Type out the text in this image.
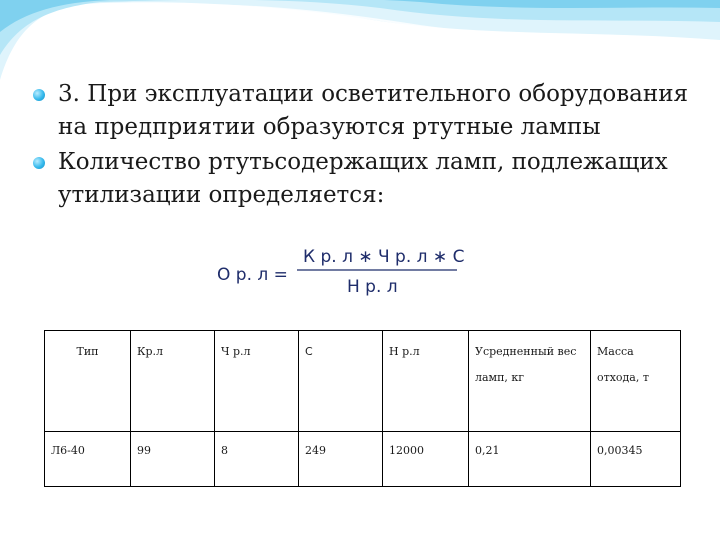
3. При эксплуатации осветительного оборудования на предприятии образуются ртутные лампы
Количество ртутьсодержащих ламп, подлежащих утилизации определяется:
О р. л =
К р. л ∗ Ч р. л ∗ С
Н р. л
Тип	Кр.л	Ч р.л	С	Н р.л	Усредненный вес ламп, кг	Масса отхода, т
Л6-40	99	8	249	12000	0,21	0,00345
